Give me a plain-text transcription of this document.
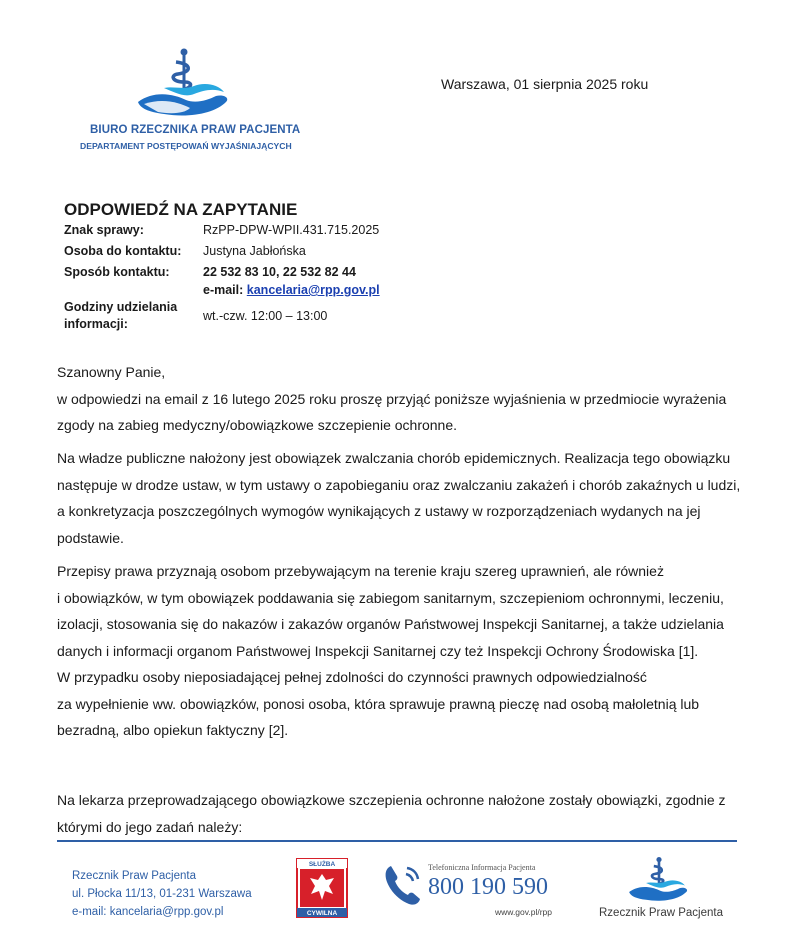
BIURO RZECZNIKA PRAW PACJENTA
DEPARTAMENT POSTĘPOWAŃ WYJAŚNIAJĄCYCH
Warszawa, 01 sierpnia 2025 roku
ODPOWIEDŹ NA ZAPYTANIE
Znak sprawy:	RzPP-DPW-WPII.431.715.2025
Osoba do kontaktu: Justyna Jabłońska
Sposób kontaktu:	22 532 83 10, 22 532 82 44
e-mail: kancelaria@rpp.gov.pl
Godziny udzielania
informacji:
wt.-czw. 12:00 – 13:00
Szanowny Panie,
w odpowiedzi na email z 16 lutego 2025 roku proszę przyjąć poniższe wyjaśnienia w przedmiocie wyrażenia
zgody na zabieg medyczny/obowiązkowe szczepienie ochronne.
Na władze publiczne nałożony jest obowiązek zwalczania chorób epidemicznych. Realizacja tego obowiązku
następuje w drodze ustaw, w tym ustawy o zapobieganiu oraz zwalczaniu zakażeń i chorób zakaźnych u ludzi,
a konkretyzacja poszczególnych wymogów wynikających z ustawy w rozporządzeniach wydanych na jej
podstawie.
Przepisy prawa przyznają osobom przebywającym na terenie kraju szereg uprawnień, ale również
i obowiązków, w tym obowiązek poddawania się zabiegom sanitarnym, szczepieniom ochronnymi, leczeniu,
izolacji, stosowania się do nakazów i zakazów organów Państwowej Inspekcji Sanitarnej, a także udzielania
danych i informacji organom Państwowej Inspekcji Sanitarnej czy też Inspekcji Ochrony Środowiska [1].
W przypadku osoby nieposiadającej pełnej zdolności do czynności prawnych odpowiedzialność
za wypełnienie ww. obowiązków, ponosi osoba, która sprawuje prawną pieczę nad osobą małoletnią lub
bezradną, albo opiekun faktyczny [2].
Na lekarza przeprowadzającego obowiązkowe szczepienia ochronne nałożone zostały obowiązki, zgodnie z
którymi do jego zadań należy:
Rzecznik Praw Pacjenta
ul. Płocka 11/13, 01-231 Warszawa
e-mail: kancelaria@rpp.gov.pl
SŁUŻBA
CYWILNA
Telefoniczna Informacja Pacjenta
800 190 590
www.gov.pl/rpp	Rzecznik Praw Pacjenta
